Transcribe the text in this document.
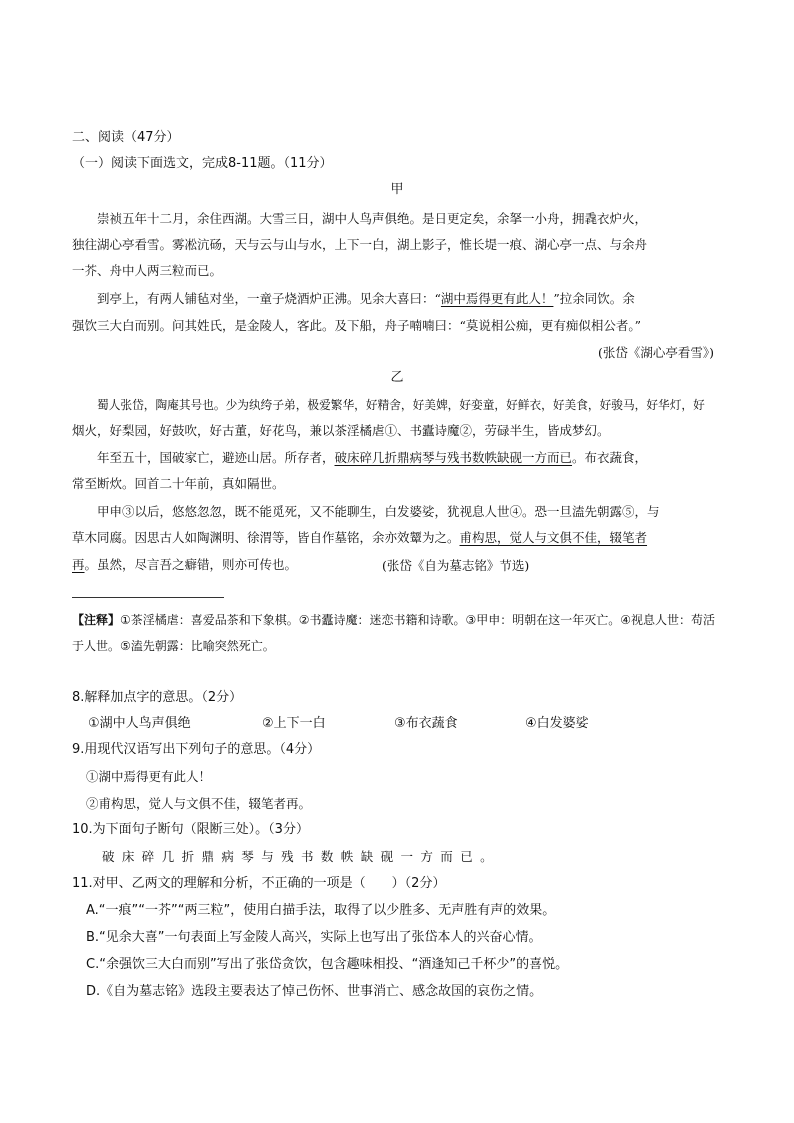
二、阅读（47分）
（一）阅读下面选文，完成8-11题。（11分）
甲
崇祯五年十二月，余住西湖。大雪三日，湖中人鸟声俱绝。是日更定矣，余拏一小舟，拥毳衣炉火，
独往湖心亭看雪。雾凇沆砀，天与云与山与水，上下一白，湖上影子，惟长堤一痕、湖心亭一点、与余舟
一芥、舟中人两三粒而已。
到亭上，有两人铺毡对坐，一童子烧酒炉正沸。见余大喜曰：“湖中焉得更有此人！”拉余同饮。余
强饮三大白而别。问其姓氏，是金陵人，客此。及下船，舟子喃喃曰：“莫说相公痴，更有痴似相公者。”
(张岱《湖心亭看雪》)
乙
蜀人张岱，陶庵其号也。少为纨绔子弟，极爱繁华，好精舍，好美婢，好娈童，好鲜衣，好美食，好骏马，好华灯，好
烟火，好梨园，好鼓吹，好古董，好花鸟，兼以茶淫橘虐①、书蠹诗魔②，劳碌半生，皆成梦幻。
年至五十，国破家亡，避迹山居。所存者，破床碎几折鼎病琴与残书数帙缺砚一方而已。布衣蔬食，
常至断炊。回首二十年前，真如隔世。
甲申③以后，悠悠忽忽，既不能觅死，又不能聊生，白发婆娑，犹视息人世④。恐一旦溘先朝露⑤，与
草木同腐。因思古人如陶渊明、徐渭等，皆自作墓铭，余亦效颦为之。甫构思，觉人与文俱不佳，辍笔者
再。虽然，尽言吾之癖错，则亦可传也。	(张岱《自为墓志铭》节选)
【注释】①茶淫橘虐：喜爱品茶和下象棋。②书蠹诗魔：迷恋书籍和诗歌。③甲申：明朝在这一年灭亡。④视息人世：苟活
于人世。⑤溘先朝露：比喻突然死亡。
8.解释加点字的意思。（2分）
①湖中人鸟声俱绝	②上下一白	③布衣蔬食	④白发婆娑
9.用现代汉语写出下列句子的意思。（4分）
①湖中焉得更有此人！
②甫构思，觉人与文俱不佳，辍笔者再。
10.为下面句子断句（限断三处）。（3分）
破床碎几折鼎病琴与残书数帙缺砚一方而已。
11.对甲、乙两文的理解和分析，不正确的一项是（　　）（2分）
A.“一痕”“一芥”“两三粒”，使用白描手法，取得了以少胜多、无声胜有声的效果。
B.“见余大喜”一句表面上写金陵人高兴，实际上也写出了张岱本人的兴奋心情。
C.“余强饮三大白而别”写出了张岱贪饮，包含趣味相投、“酒逢知己千杯少”的喜悦。
D.《自为墓志铭》选段主要表达了悼己伤怀、世事消亡、感念故国的哀伤之情。
